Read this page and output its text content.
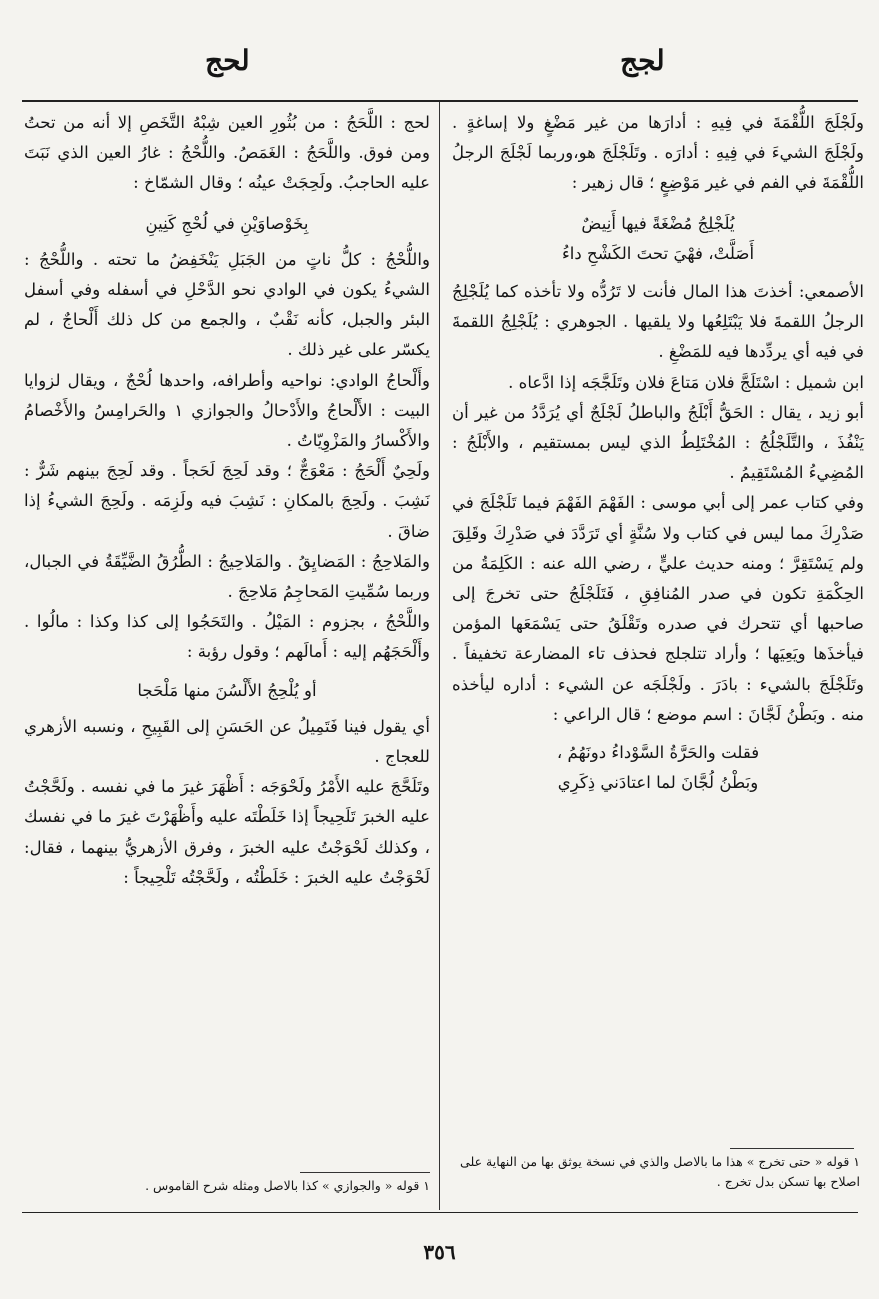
لجج
لحج

ولَجْلَجَ اللُّقْمَةَ في فِيهِ : أدارَها من غير مَضْغٍ ولا إساغةٍ . ولَجْلَجَ الشيءَ في فِيهِ : أدارَه . وتَلَجْلَجَ هو،وربما لَجْلَجَ الرجلُ اللُّقْمَةَ في الفم في غير مَوْضِعٍ ؛ قال زهير :

يُلَجْلِجُ مُضْغَةً فيها أَنِيضٌ

أَصَلَّتْ، فهْيَ تحتَ الكَشْحِ داءُ

الأصمعي: أخذتَ هذا المال فأنت لا تَرُدُّه ولا تأخذه كما يُلَجْلِجُ الرجلُ اللقمةَ فلا يَبْتَلِعُها ولا يلقيها . الجوهري : يُلَجْلِجُ اللقمةَ في فيه أي يردِّدها فيه للمَضْغِ .

ابن شميل : اسْتَلَجَّ فلان مَتاعَ فلان وتَلَجَّجَه إذا ادَّعاه .

أبو زيد ، يقال : الحَقُّ أَبْلَجُ والباطلُ لَجْلَجٌ أي يُرَدَّدُ من غير أن يَنْفُذَ ، والتَّلَجْلُجُ : المُخْتَلِطُ الذي ليس بمستقيم ، والأَبْلَجُ : المُضِيءُ المُسْتَقِيمُ .

وفي كتاب عمر إلى أبي موسى : الفَهْمَ الفَهْمَ فيما تَلَجْلَجَ في صَدْرِكَ مما ليس في كتاب ولا سُنَّةٍ أي تَرَدَّدَ في صَدْرِكَ وقَلِقَ ولم يَسْتَقِرَّ ؛ ومنه حديث عليٍّ ، رضي الله عنه : الكَلِمَةُ من الحِكْمَةِ تكون في صدر المُنافِقِ ، فَتَلَجْلَجُ حتى تخرجَ إلى صاحبها أي تتحرك في صدره وتَقْلَقُ حتى يَسْمَعَها المؤمن فيأخذَها ويَعِيَها ؛ وأراد تتلجلج فحذف تاء المضارعة تخفيفاً . وتَلَجْلَجَ بالشيء : بادَرَ . ولَجْلَجَه عن الشيء : أداره ليأخذه منه . وبَطْنُ لَجَّانَ : اسم موضع ؛ قال الراعي :

فقلت والحَرَّةُ السَّوْداءُ دونَهُمُ ،

وبَطْنُ لُجَّانَ لما اعتادَني ذِكَرِي

١ قوله « حتى تخرج » هذا ما بالاصل والذي في نسخة يوثق بها من النهاية على اصلاح بها تسكن بدل تخرج .

لحج : اللَّحَجُ : من بُثُورِ العين شِبْهُ التَّخَصِ إلا أنه من تحتُ ومن فوق. واللَّحَجُ : الغَمَصُ. واللُّحْجُ : غارُ العين الذي نَبَتَ عليه الحاجبُ. ولَحِجَتْ عينُه ؛ وقال الشمّاخ :

بِخَوْصاوَيْنِ في لُحْجِ كَنِينِ

واللُّحْجُ : كلُّ ناتٍ من الجَبَلِ يَنْخَفِضُ ما تحته . واللُّحْجُ : الشيءُ يكون في الوادي نحو الدَّحْلِ في أسفله وفي أسفل البئر والجبل، كأنه نَقْبٌ ، والجمع من كل ذلك أَلْحاجٌ ، لم يكسّر على غير ذلك .

وأَلْحاجُ الوادي: نواحيه وأطرافه، واحدها لُحْجٌ ، ويقال لزوايا البيت : الأَلْحاجُ والأَدْحالُ والجوازي ١ والحَرامِسُ والأَخْصامُ والأَكْسارُ والمَزْوِيّاتُ .

ولَحِيٌ أَلْحَجُ : مَعْوَجٌّ ؛ وقد لَحِجَ لَحَجاً . وقد لَحِجَ بينهم شَرٌّ : نَشِبَ . ولَحِجَ بالمكانِ : نَشِبَ فيه ولَزِمَه . ولَحِجَ الشيءُ إذا ضاقَ .

والمَلاحِجُ : المَضايِقُ . والمَلاحِيجُ : الطُّرُقُ الضَّيِّقَةُ في الجبال، وربما سُمِّيتِ المَحاجِمُ مَلاحِجَ .

واللَّحْجُ ، بجزوم : المَيْلُ . والتَحَجُوا إلى كذا وكذا : مالُوا . وأَلْحَجَهُم إليه : أَمالَهم ؛ وقول رؤبة :

أو يُلْحِجُ الأَلْسُنَ منها مَلْحَجا

أي يقول فينا فَتَمِيلُ عن الحَسَنِ إلى القَبِيحِ ، ونسبه الأزهري للعجاج .

وتَلَحَّجَ عليه الأَمْرُ ولَحْوَجَه : أَظْهَرَ غيرَ ما في نفسه . ولَحَّجْتُ عليه الخبرَ تَلَحِيجاً إذا خَلَطْتَه عليه وأَظْهَرْتَ غيرَ ما في نفسك ، وكذلك لَحْوَجْتُ عليه الخبرَ ، وفرق الأزهريُّ بينهما ، فقال: لَحْوَجْتُ عليه الخبرَ : خَلَطْتُه ، ولَحَّجْتُه تَلْحِيجاً :

١ قوله « والجوازي » كذا بالاصل ومثله شرح القاموس .
٣٥٦
